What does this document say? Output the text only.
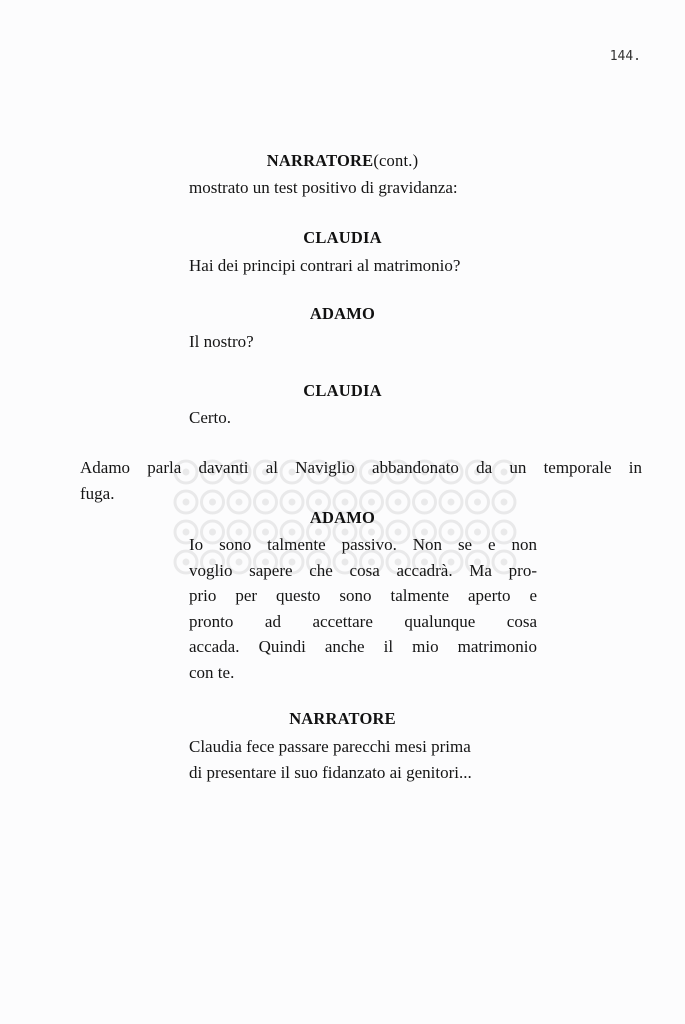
144.
NARRATORE(cont.)
mostrato un test positivo di gravidanza:
CLAUDIA
Hai dei principi contrari al matrimonio?
ADAMO
Il nostro?
CLAUDIA
Certo.
Adamo parla davanti al Naviglio abbandonato da un temporale in
fuga.
ADAMO
Io sono talmente passivo. Non se e non
voglio sapere che cosa accadrà. Ma pro-
prio per questo sono talmente aperto e
pronto ad accettare qualunque cosa
accada. Quindi anche il mio matrimonio
con te.
NARRATORE
Claudia fece passare parecchi mesi prima
di presentare il suo fidanzato ai genitori...
